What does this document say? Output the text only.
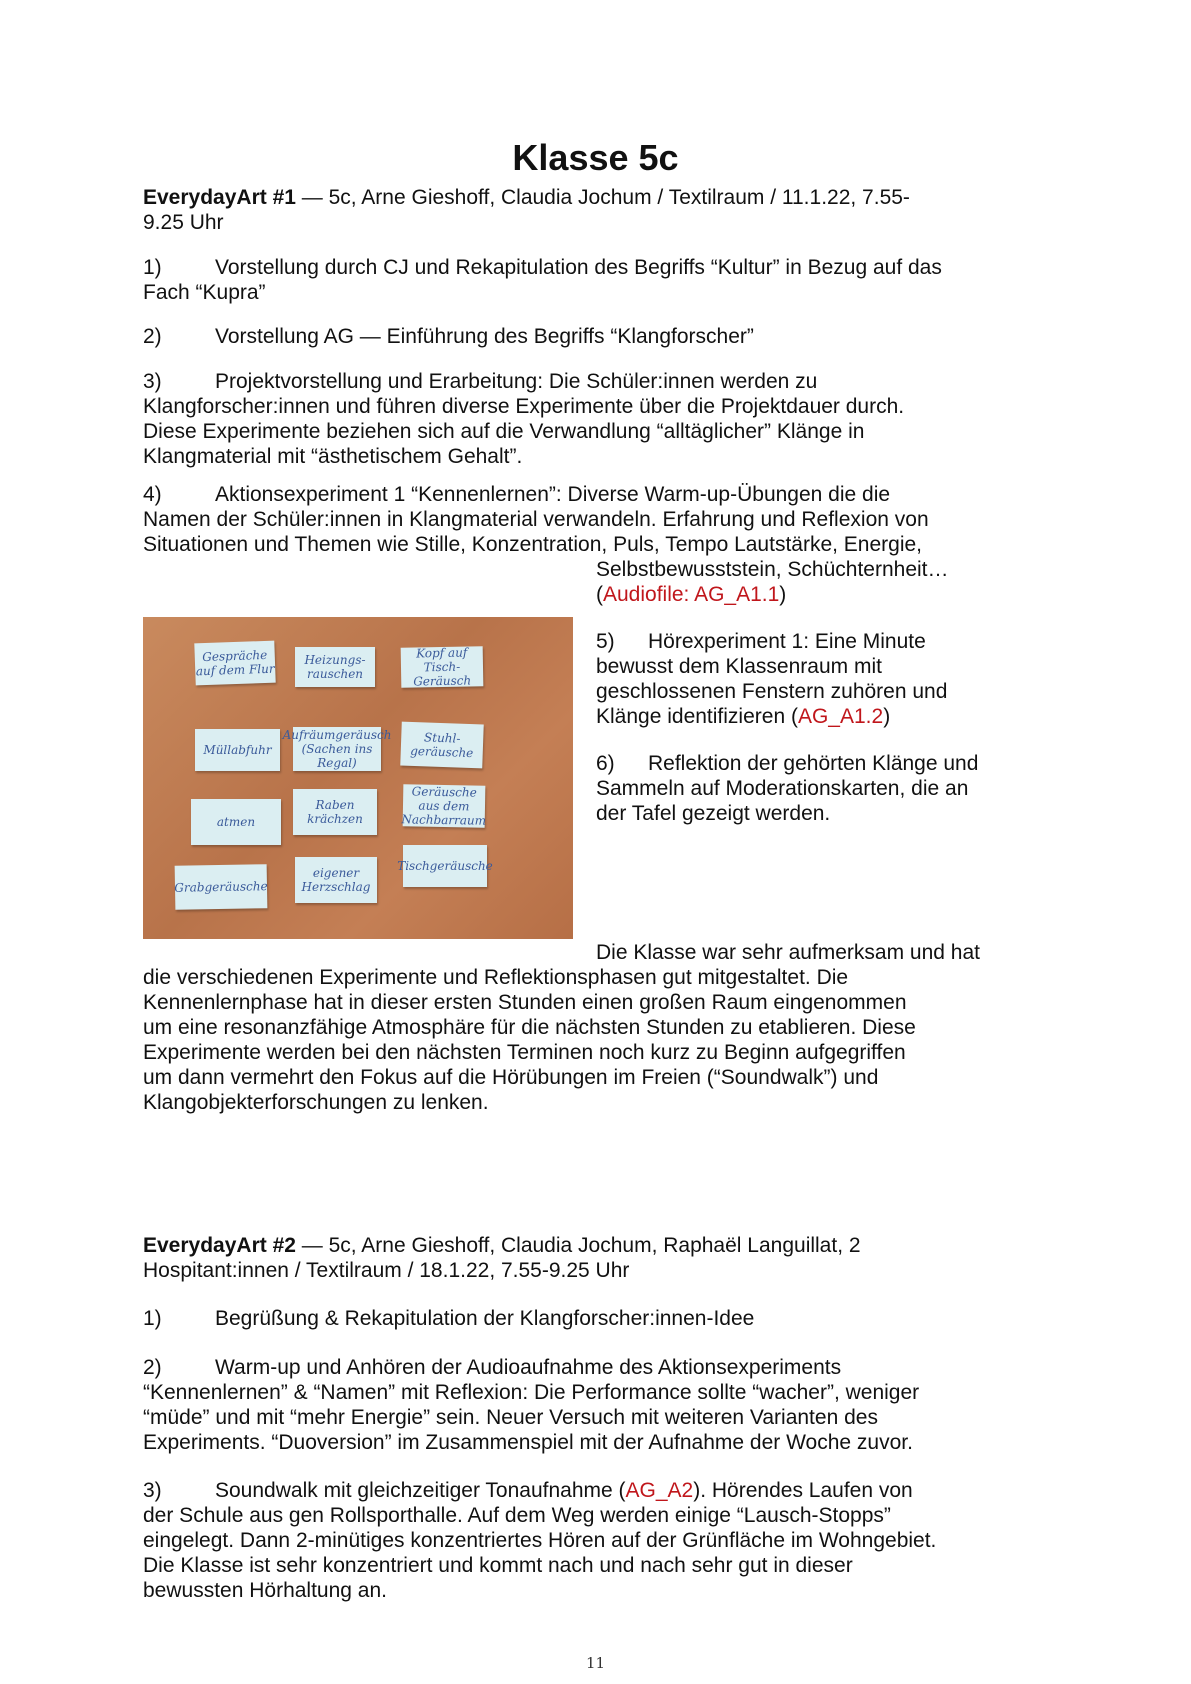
Klasse 5c
EverydayArt #1 — 5c, Arne Gieshoff, Claudia Jochum / Textilraum / 11.1.22, 7.55-
9.25 Uhr
1)	Vorstellung durch CJ und Rekapitulation des Begriffs “Kultur” in Bezug auf das
Fach “Kupra”
2)	Vorstellung AG — Einführung des Begriffs “Klangforscher”
3)	Projektvorstellung und Erarbeitung: Die Schüler:innen werden zu
Klangforscher:innen und führen diverse Experimente über die Projektdauer durch.
Diese Experimente beziehen sich auf die Verwandlung “alltäglicher” Klänge in
Klangmaterial mit “ästhetischem Gehalt”.
4)	Aktionsexperiment 1 “Kennenlernen”: Diverse Warm-up-Übungen die die
Namen der Schüler:innen in Klangmaterial verwandeln. Erfahrung und Reflexion von
Situationen und Themen wie Stille, Konzentration, Puls, Tempo Lautstärke, Energie,
Selbstbewusststein, Schüchternheit…
(Audiofile: AG_A1.1)
5) Hörexperiment 1: Eine Minute
bewusst dem Klassenraum mit
geschlossenen Fenstern zuhören und
Klänge identifizieren (AG_A1.2)
6) Reflektion der gehörten Klänge und
Sammeln auf Moderationskarten, die an
der Tafel gezeigt werden.
Gespräche auf dem Flur
Heizungs-rauschen
Kopf auf Tisch-Geräusch
Müllabfuhr
Aufräumgeräusch (Sachen ins Regal)
Stuhl-geräusche
atmen
Raben krächzen
Geräusche aus dem Nachbarraum
Grabgeräusche
eigener Herzschlag
Tischgeräusche
Die Klasse war sehr aufmerksam und hat
die verschiedenen Experimente und Reflektionsphasen gut mitgestaltet. Die
Kennenlernphase hat in dieser ersten Stunden einen großen Raum eingenommen
um eine resonanzfähige Atmosphäre für die nächsten Stunden zu etablieren. Diese
Experimente werden bei den nächsten Terminen noch kurz zu Beginn aufgegriffen
um dann vermehrt den Fokus auf die Hörübungen im Freien (“Soundwalk”) und
Klangobjekterforschungen zu lenken.
EverydayArt #2 — 5c, Arne Gieshoff, Claudia Jochum, Raphaël Languillat, 2
Hospitant:innen / Textilraum / 18.1.22, 7.55-9.25 Uhr
1)	Begrüßung & Rekapitulation der Klangforscher:innen-Idee
2)	Warm-up und Anhören der Audioaufnahme des Aktionsexperiments
“Kennenlernen” & “Namen” mit Reflexion: Die Performance sollte “wacher”, weniger
“müde” und mit “mehr Energie” sein. Neuer Versuch mit weiteren Varianten des
Experiments. “Duoversion” im Zusammenspiel mit der Aufnahme der Woche zuvor.
3)	Soundwalk mit gleichzeitiger Tonaufnahme (AG_A2). Hörendes Laufen von
der Schule aus gen Rollsporthalle. Auf dem Weg werden einige “Lausch-Stopps”
eingelegt. Dann 2-minütiges konzentriertes Hören auf der Grünfläche im Wohngebiet.
Die Klasse ist sehr konzentriert und kommt nach und nach sehr gut in dieser
bewussten Hörhaltung an.
11
